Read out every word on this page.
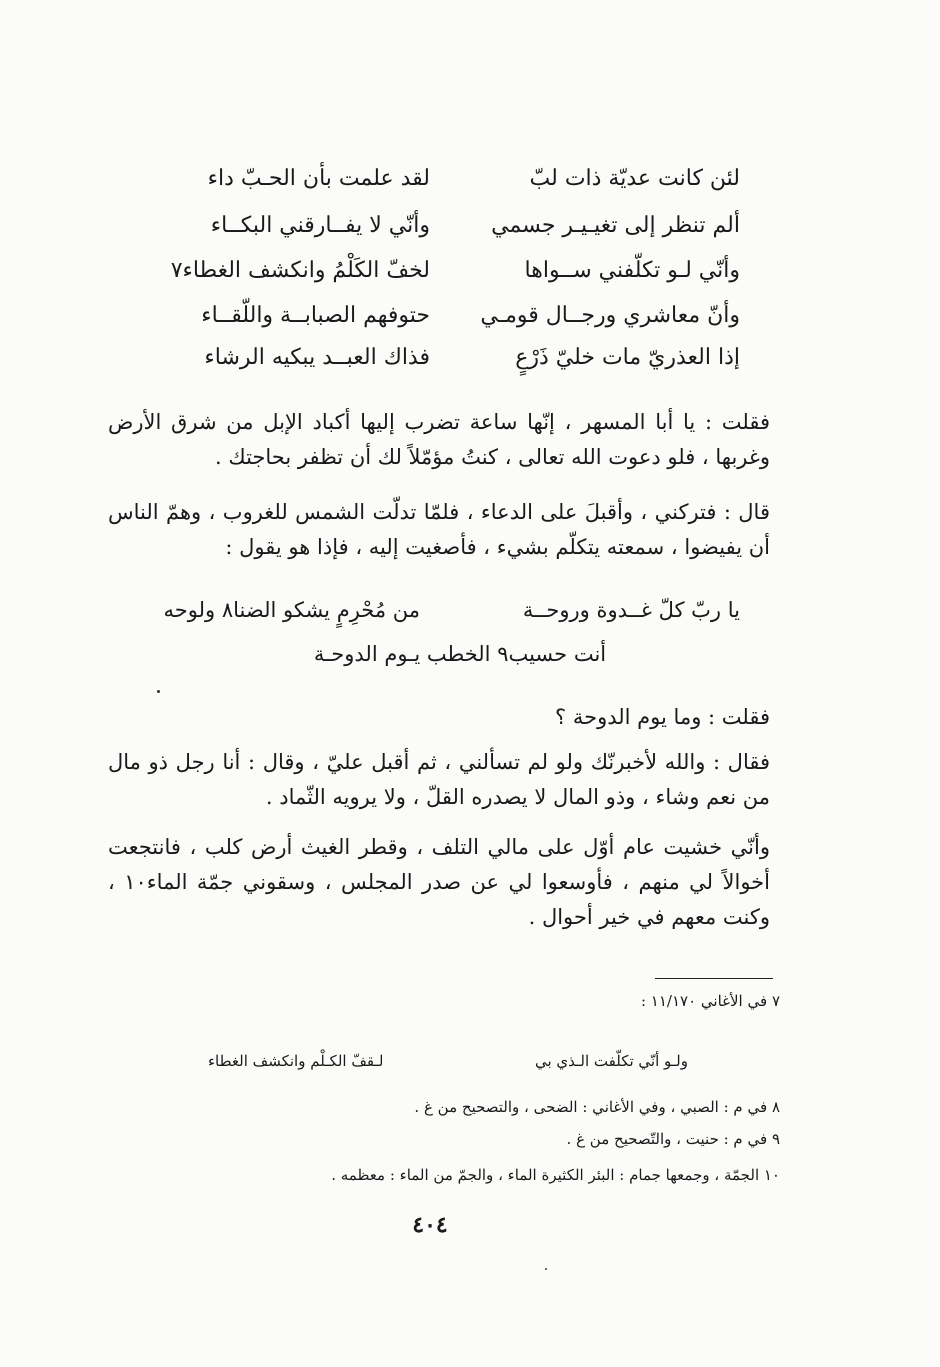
لئن كانت عديّة ذات لبّ
لقد علمت بأن الحـبّ داء
ألم تنظر إلى تغيـيـر جسمي
وأنّي لا يفــارقني البكــاء
وأنّي لـو تكلّفني ســواها
لخفّ الكَلْمُ وانكشف الغطاء٧
وأنّ معاشري ورجــال قومـي
حتوفهم الصبابــة واللّقــاء
إذا العذريّ مات خليّ ذَرْعٍ
فذاك العبــد يبكيه الرشاء
فقلت : يا أبا المسهر ، إنّها ساعة تضرب إليها أكباد الإبل من شرق الأرض وغربها ، فلو دعوت الله تعالى ، كنتُ مؤمّلاً لك أن تظفر بحاجتك .
قال : فتركني ، وأقبلَ على الدعاء ، فلمّا تدلّت الشمس للغروب ، وهمّ الناس أن يفيضوا ، سمعته يتكلّم بشيء ، فأصغيت إليه ، فإذا هو يقول :
يا ربّ كلّ غــدوة وروحــة
من مُحْرِمٍ يشكو الضنا٨ ولوحه
أنت حسيب٩ الخطب يـوم الدوحـة
فقلت : وما يوم الدوحة ؟
فقال : والله لأخبرنّك ولو لم تسألني ، ثم أقبل عليّ ، وقال : أنا رجل ذو مال من نعم وشاء ، وذو المال لا يصدره القلّ ، ولا يرويه الثّماد .
وأنّي خشيت عام أوّل على مالي التلف ، وقطر الغيث أرض كلب ، فانتجعت أخوالاً لي منهم ، فأوسعوا لي عن صدر المجلس ، وسقوني جمّة الماء١٠ ، وكنت معهم في خير أحوال .
٧ في الأغاني ١١/١٧٠ :
ولـو أنّي تكلّفت الـذي بي
لـقفّ الكـلْم وانكشف الغطاء
٨ في م : الصبي ، وفي الأغاني : الضحى ، والتصحيح من غ .
٩ في م : حنيت ، والتّصحيح من غ .
١٠ الجمّة ، وجمعها جمام : البئر الكثيرة الماء ، والجمّ من الماء : معظمه .
٤٠٤
